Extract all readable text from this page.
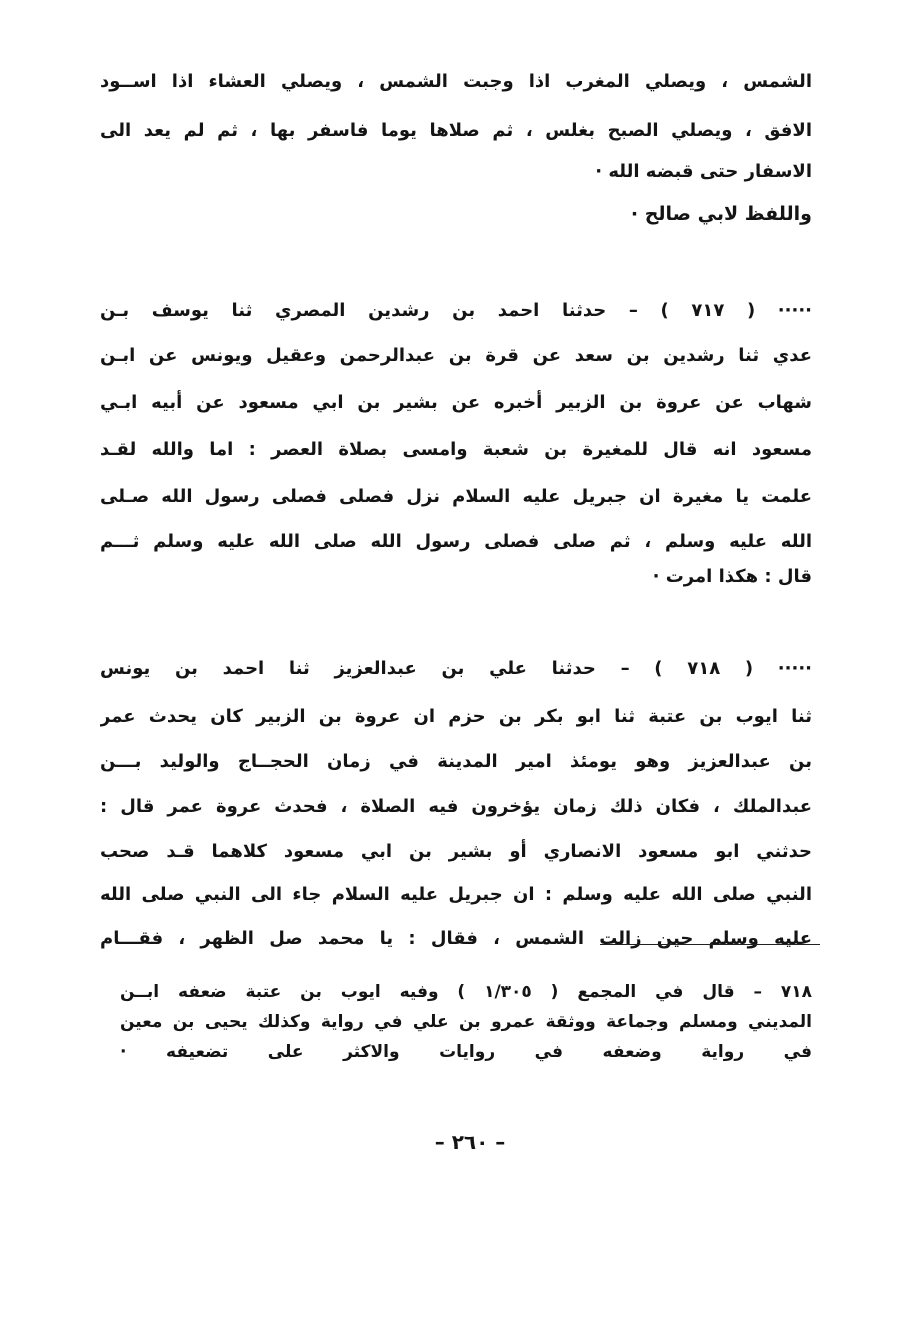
الشمس ، ويصلي المغرب اذا وجبت الشمس ، ويصلي العشاء اذا اســود
الافق ، ويصلي الصبح بغلس ، ثم صلاها يوما فاسفر بها ، ثم لم يعد الى
الاسفار حتى قبضه الله ·
واللفظ لابي صالح ·
····· ( ٧١٧ ) – حدثنا احمد بن رشدين المصري ثنا يوسف بـن
عدي ثنا رشدين بن سعد عن قرة بن عبدالرحمن وعقيل ويونس عن ابـن
شهاب عن عروة بن الزبير أخبره عن بشير بن ابي مسعود عن أبيه ابـي
مسعود انه قال للمغيرة بن شعبة وامسى بصلاة العصر : اما والله لقـد
علمت يا مغيرة ان جبريل عليه السلام نزل فصلى فصلى رسول الله صـلى
الله عليه وسلم ، ثم صلى فصلى رسول الله صلى الله عليه وسلم ثـــم
قال : هكذا امرت ·
····· ( ٧١٨ ) – حدثنا علي بن عبدالعزيز ثنا احمد بن يونس
ثنا ايوب بن عتبة ثنا ابو بكر بن حزم ان عروة بن الزبير كان يحدث عمر
بن عبدالعزيز وهو يومئذ امير المدينة في زمان الحجــاج والوليد بـــن
عبدالملك ، فكان ذلك زمان يؤخرون فيه الصلاة ، فحدث عروة عمر قال :
حدثني ابو مسعود الانصاري أو بشير بن ابي مسعود كلاهما قـد صحب
النبي صلى الله عليه وسلم : ان جبريل عليه السلام جاء الى النبي صلى الله
عليه وسلم حين زالت الشمس ، فقال : يا محمد صل الظهر ، فقـــام
٧١٨ – قال في المجمع ( ١/٣٠٥ ) وفيه ايوب بن عتبة ضعفه ابــن
المديني ومسلم وجماعة ووثقة عمرو بن علي في رواية وكذلك يحيى بن معين
في رواية وضعفه في روايات والاكثر على تضعيفه ·
– ٢٦٠ –
